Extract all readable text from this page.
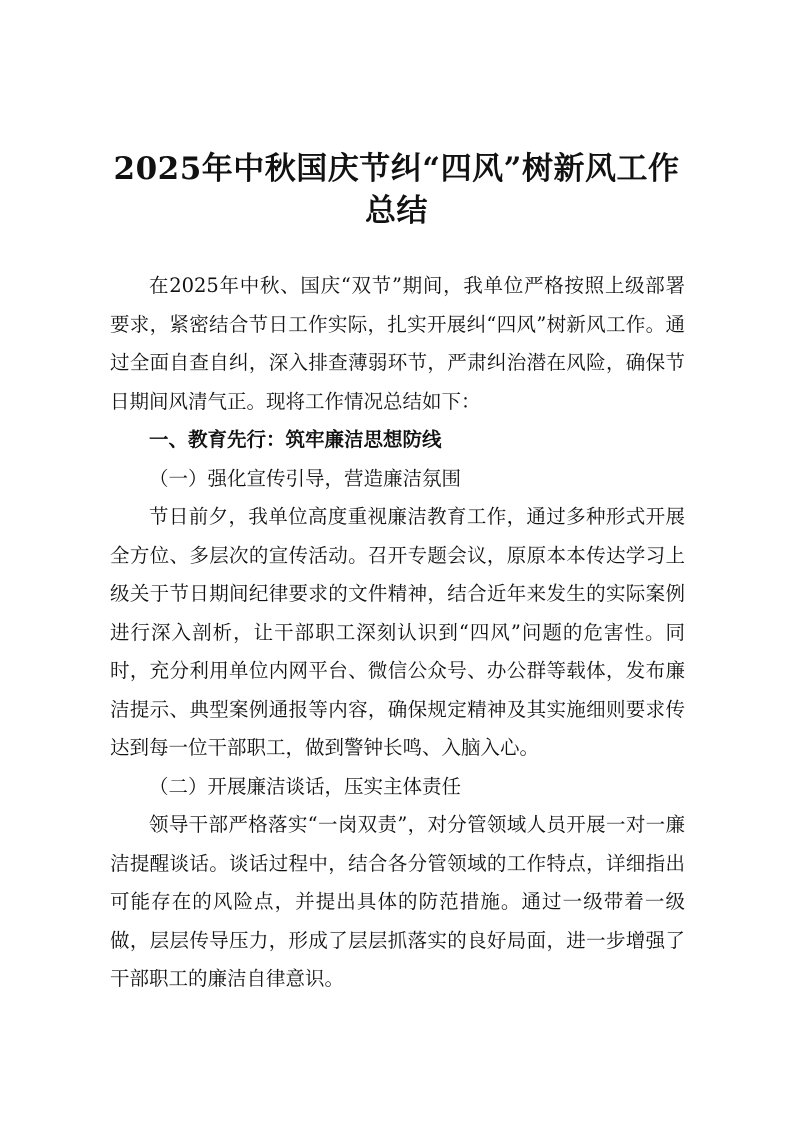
2025年中秋国庆节纠“四风”树新风工作总结

在2025年中秋、国庆“双节”期间，我单位严格按照上级部署要求，紧密结合节日工作实际，扎实开展纠“四风”树新风工作。通过全面自查自纠，深入排查薄弱环节，严肃纠治潜在风险，确保节日期间风清气正。现将工作情况总结如下：

一、教育先行：筑牢廉洁思想防线

（一）强化宣传引导，营造廉洁氛围

节日前夕，我单位高度重视廉洁教育工作，通过多种形式开展全方位、多层次的宣传活动。召开专题会议，原原本本传达学习上级关于节日期间纪律要求的文件精神，结合近年来发生的实际案例进行深入剖析，让干部职工深刻认识到“四风”问题的危害性。同时，充分利用单位内网平台、微信公众号、办公群等载体，发布廉洁提示、典型案例通报等内容，确保规定精神及其实施细则要求传达到每一位干部职工，做到警钟长鸣、入脑入心。

（二）开展廉洁谈话，压实主体责任

领导干部严格落实“一岗双责”，对分管领域人员开展一对一廉洁提醒谈话。谈话过程中，结合各分管领域的工作特点，详细指出可能存在的风险点，并提出具体的防范措施。通过一级带着一级做，层层传导压力，形成了层层抓落实的良好局面，进一步增强了干部职工的廉洁自律意识。
